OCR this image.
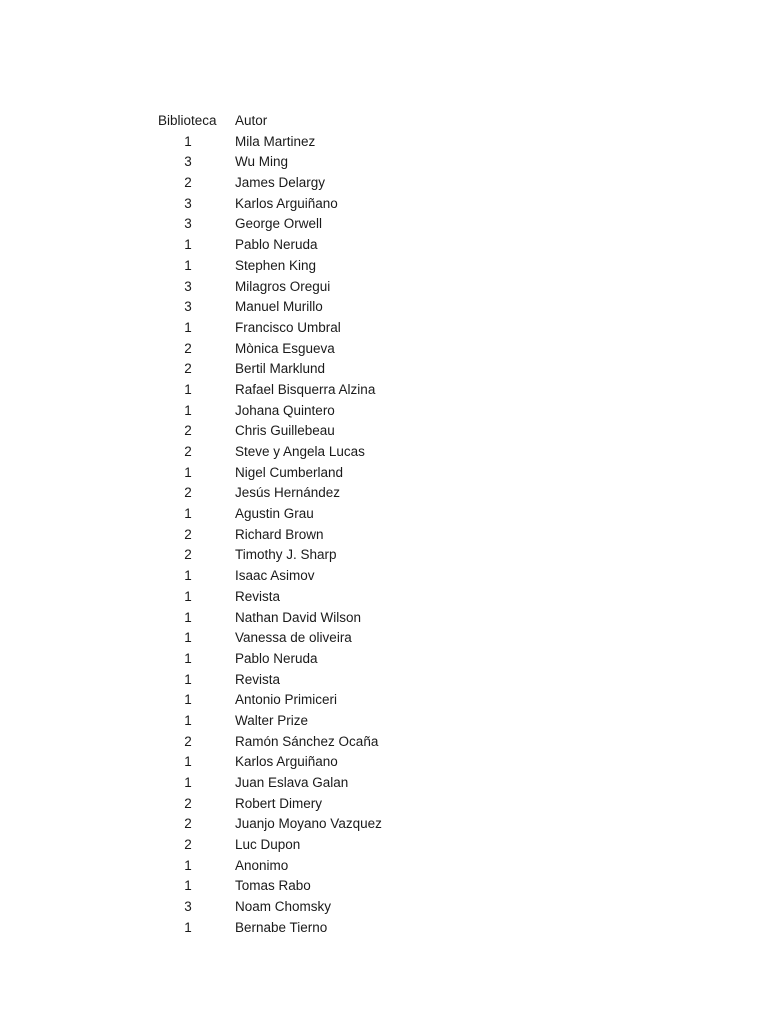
Biblioteca	Autor
1	Mila Martinez
3	Wu Ming
2	James Delargy
3	Karlos Arguiñano
3	George Orwell
1	Pablo Neruda
1	Stephen King
3	Milagros Oregui
3	Manuel Murillo
1	Francisco Umbral
2	Mònica Esgueva
2	Bertil Marklund
1	Rafael Bisquerra Alzina
1	Johana Quintero
2	Chris Guillebeau
2	Steve y Angela Lucas
1	Nigel Cumberland
2	Jesús Hernández
1	Agustin Grau
2	Richard Brown
2	Timothy J. Sharp
1	Isaac Asimov
1	Revista
1	Nathan David Wilson
1	Vanessa de oliveira
1	Pablo Neruda
1	Revista
1	Antonio Primiceri
1	Walter Prize
2	Ramón Sánchez Ocaña
1	Karlos Arguiñano
1	Juan Eslava Galan
2	Robert Dimery
2	Juanjo Moyano Vazquez
2	Luc Dupon
1	Anonimo
1	Tomas Rabo
3	Noam Chomsky
1	Bernabe Tierno
